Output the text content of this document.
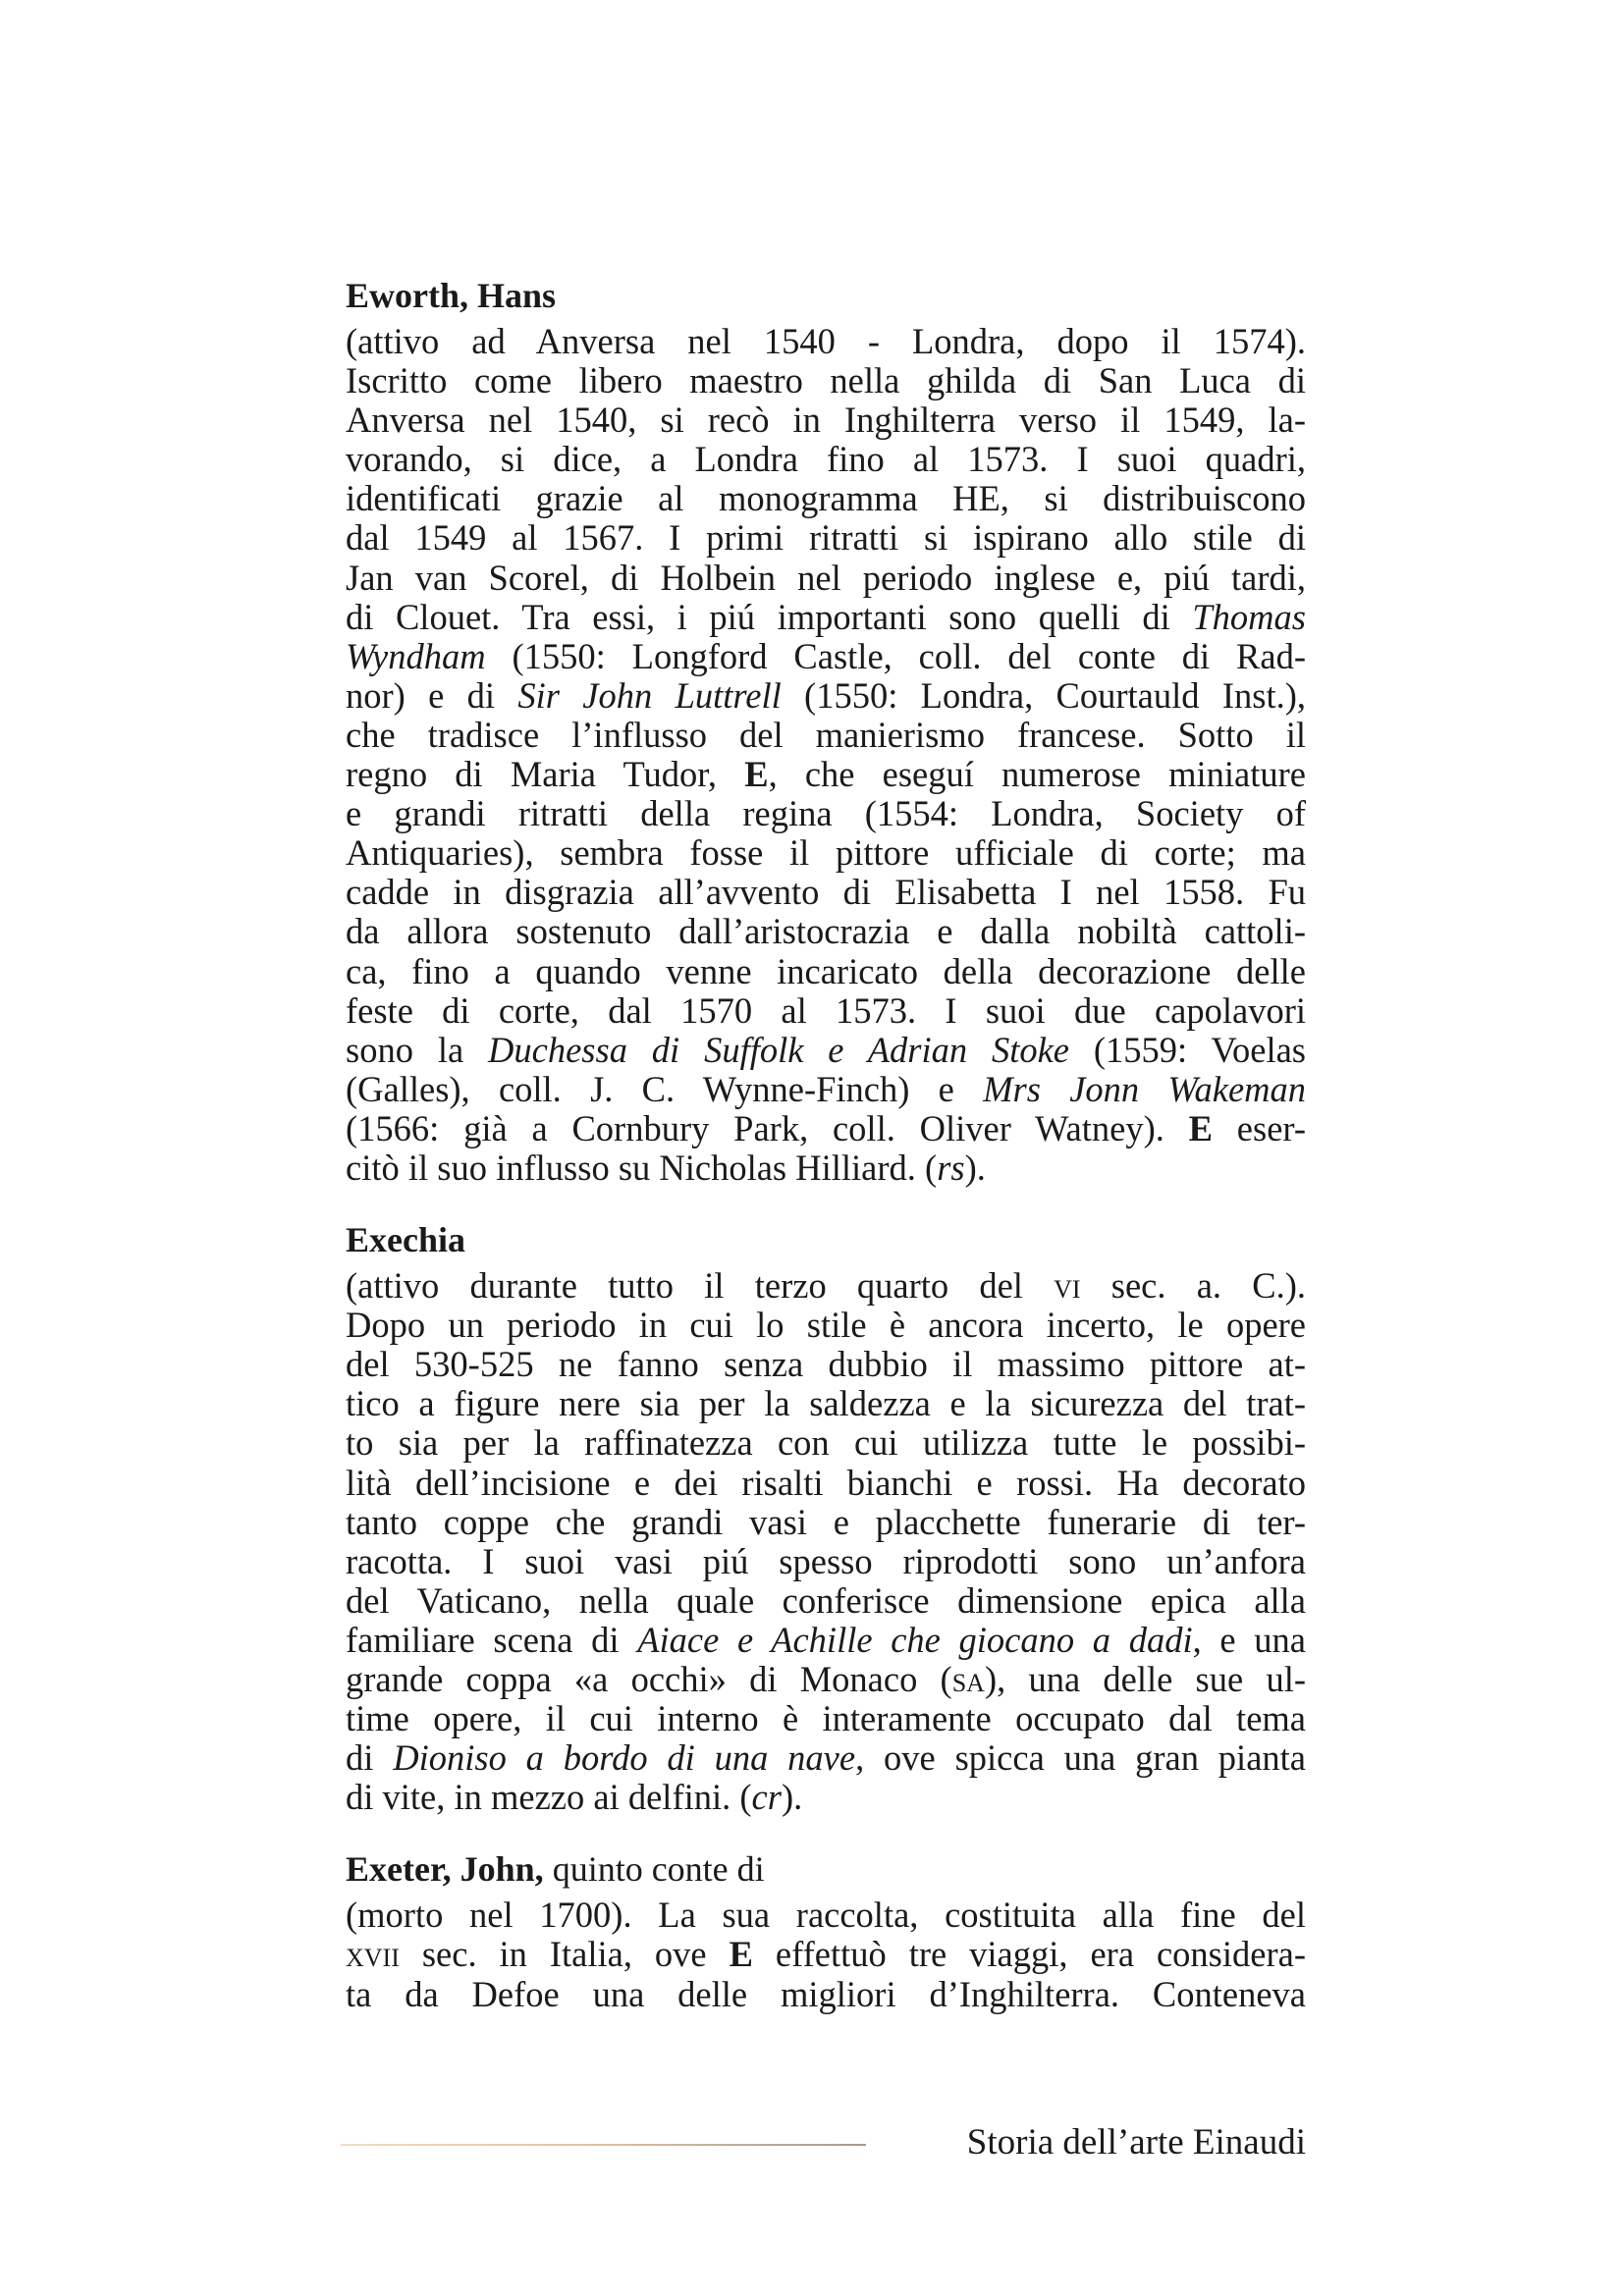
Eworth, Hans
(attivo ad Anversa nel 1540 - Londra, dopo il 1574).
Iscritto come libero maestro nella ghilda di San Luca di
Anversa nel 1540, si recò in Inghilterra verso il 1549, la-
vorando, si dice, a Londra fino al 1573. I suoi quadri,
identificati grazie al monogramma HE, si distribuiscono
dal 1549 al 1567. I primi ritratti si ispirano allo stile di
Jan van Scorel, di Holbein nel periodo inglese e, piú tardi,
di Clouet. Tra essi, i piú importanti sono quelli di Thomas
Wyndham (1550: Longford Castle, coll. del conte di Rad-
nor) e di Sir John Luttrell (1550: Londra, Courtauld Inst.),
che tradisce l’influsso del manierismo francese. Sotto il
regno di Maria Tudor, E, che eseguí numerose miniature
e grandi ritratti della regina (1554: Londra, Society of
Antiquaries), sembra fosse il pittore ufficiale di corte; ma
cadde in disgrazia all’avvento di Elisabetta I nel 1558. Fu
da allora sostenuto dall’aristocrazia e dalla nobiltà cattoli-
ca, fino a quando venne incaricato della decorazione delle
feste di corte, dal 1570 al 1573. I suoi due capolavori
sono la Duchessa di Suffolk e Adrian Stoke (1559: Voelas
(Galles), coll. J. C. Wynne-Finch) e Mrs Jonn Wakeman
(1566: già a Cornbury Park, coll. Oliver Watney). E eser-
citò il suo influsso su Nicholas Hilliard. (rs).
Exechia
(attivo durante tutto il terzo quarto del vi sec. a. C.).
Dopo un periodo in cui lo stile è ancora incerto, le opere
del 530-525 ne fanno senza dubbio il massimo pittore at-
tico a figure nere sia per la saldezza e la sicurezza del trat-
to sia per la raffinatezza con cui utilizza tutte le possibi-
lità dell’incisione e dei risalti bianchi e rossi. Ha decorato
tanto coppe che grandi vasi e placchette funerarie di ter-
racotta. I suoi vasi piú spesso riprodotti sono un’anfora
del Vaticano, nella quale conferisce dimensione epica alla
familiare scena di Aiace e Achille che giocano a dadi, e una
grande coppa «a occhi» di Monaco (sa), una delle sue ul-
time opere, il cui interno è interamente occupato dal tema
di Dioniso a bordo di una nave, ove spicca una gran pianta
di vite, in mezzo ai delfini. (cr).
Exeter, John, quinto conte di
(morto nel 1700). La sua raccolta, costituita alla fine del
xvii sec. in Italia, ove E effettuò tre viaggi, era considera-
ta da Defoe una delle migliori d’Inghilterra. Conteneva
Storia dell’arte Einaudi
